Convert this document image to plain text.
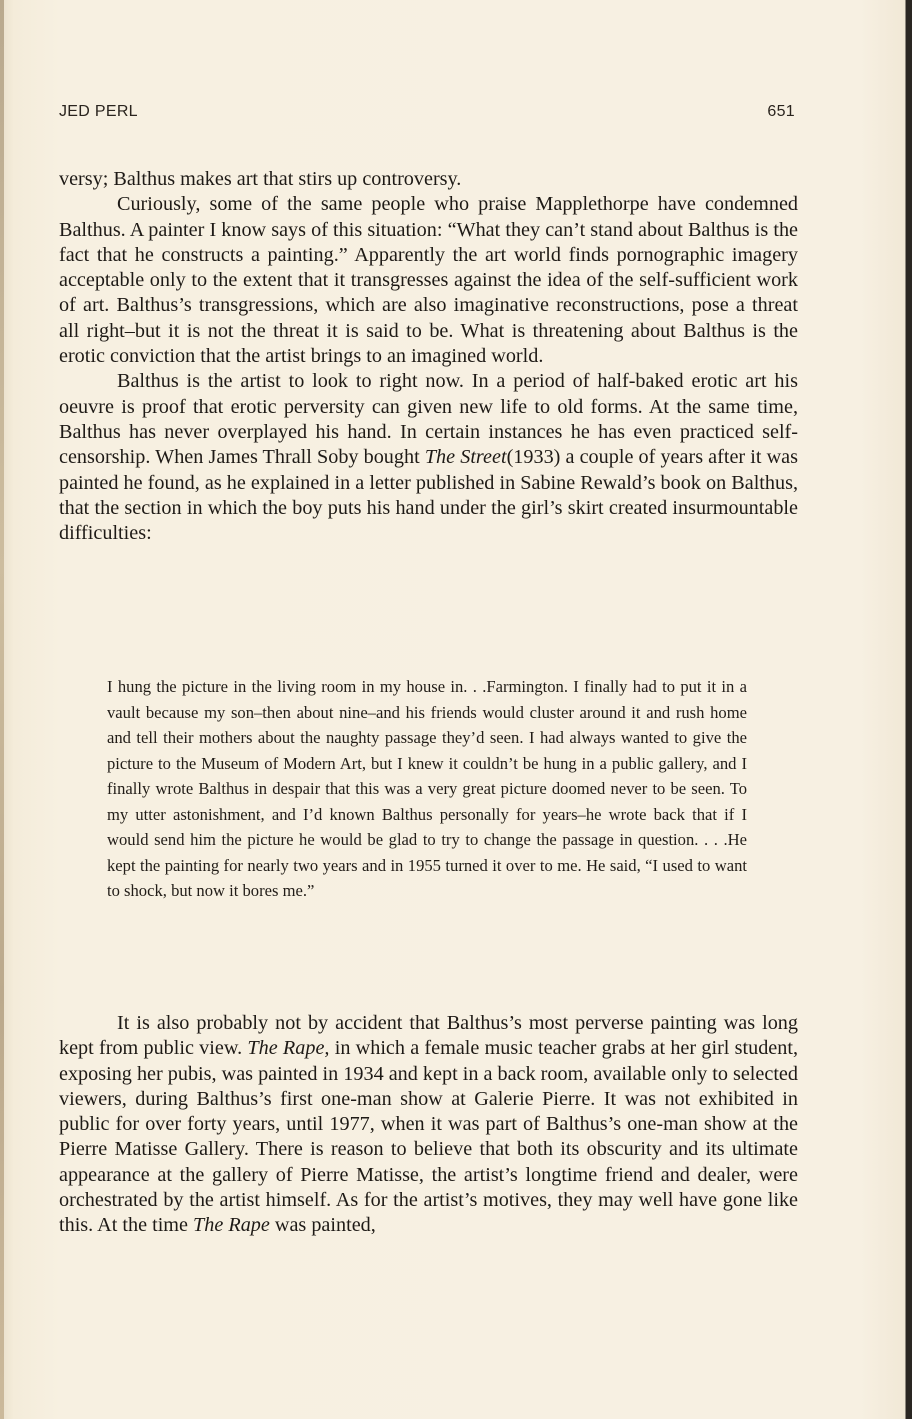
JED PERL	651

versy; Balthus makes art that stirs up controversy.

Curiously, some of the same people who praise Mapplethorpe have condemned Balthus. A painter I know says of this situation: “What they can’t stand about Balthus is the fact that he constructs a painting.” Apparently the art world finds pornographic imagery acceptable only to the extent that it transgresses against the idea of the self-sufficient work of art. Balthus’s transgressions, which are also imaginative reconstructions, pose a threat all right–but it is not the threat it is said to be. What is threatening about Balthus is the erotic conviction that the artist brings to an imagined world.

Balthus is the artist to look to right now. In a period of half-baked erotic art his oeuvre is proof that erotic perversity can given new life to old forms. At the same time, Balthus has never overplayed his hand. In certain instances he has even practiced self-censorship. When James Thrall Soby bought The Street(1933) a couple of years after it was painted he found, as he explained in a letter published in Sabine Rewald’s book on Balthus, that the section in which the boy puts his hand under the girl’s skirt created insurmountable difficulties:

I hung the picture in the living room in my house in. . .Farmington. I finally had to put it in a vault because my son–then about nine–and his friends would cluster around it and rush home and tell their mothers about the naughty passage they’d seen. I had always wanted to give the picture to the Museum of Modern Art, but I knew it couldn’t be hung in a public gallery, and I finally wrote Balthus in despair that this was a very great picture doomed never to be seen. To my utter astonishment, and I’d known Balthus personally for years–he wrote back that if I would send him the picture he would be glad to try to change the passage in question. . . .He kept the painting for nearly two years and in 1955 turned it over to me. He said, “I used to want to shock, but now it bores me.”

It is also probably not by accident that Balthus’s most perverse painting was long kept from public view. The Rape, in which a female music teacher grabs at her girl student, exposing her pubis, was painted in 1934 and kept in a back room, available only to selected viewers, during Balthus’s first one-man show at Galerie Pierre. It was not exhibited in public for over forty years, until 1977, when it was part of Balthus’s one-man show at the Pierre Matisse Gallery. There is reason to believe that both its obscurity and its ultimate appearance at the gallery of Pierre Matisse, the artist’s longtime friend and dealer, were orchestrated by the artist himself. As for the artist’s motives, they may well have gone like this. At the time The Rape was painted,
